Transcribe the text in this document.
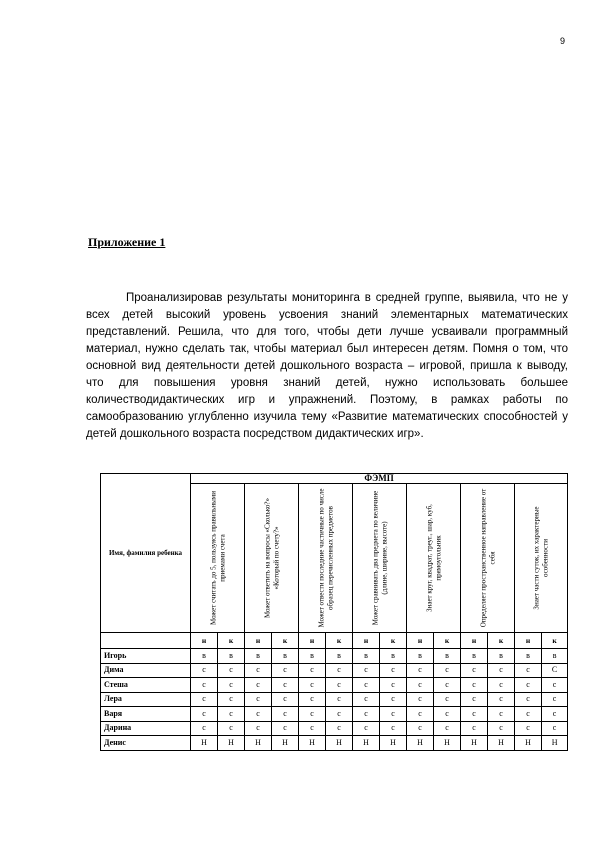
9
Приложение 1

Проанализировав результаты мониторинга в средней группе, выявила, что не у всех детей высокий уровень усвоения знаний элементарных математических представлений. Решила, что для того, чтобы дети лучше усваивали программный материал, нужно сделать так, чтобы материал был интересен детям. Помня о том, что основной вид деятельности детей дошкольного возраста – игровой, пришла к выводу, что для повышения уровня знаний детей, нужно использовать большее количестводидактических игр и упражнений. Поэтому, в рамках работы по самообразованию углубленно изучила тему «Развитие математических способностей у детей дошкольного возраста посредством дидактических игр».

Имя, фамилия ребенка	ФЭМП													

	Может считать до 5, пользуясь правильными приемами счета		Может ответить на вопросы «Сколько?» «Который по счету?»		Может отвести последние частичные по числе образец перечисленных предметов		Может сравнивать два предмета по величине (длине, ширине, высоте)		Знает круг, квадрат, треуг., шар, куб, прямоугольник		Определяет пространственное направление от себя		Знает части суток, их характерные особенности	

	н	к	н	к	н	к	н	к	н	к	н	к	н	к
Игорь	в	в	в	в	в	в	в	в	в	в	в	в	в	в
Дима	с	с	с	с	с	с	с	с	с	с	с	с	с	С
Стеша	с	с	с	с	с	с	с	с	с	с	с	с	с	с
Лера	с	с	с	с	с	с	с	с	с	с	с	с	с	с
Варя	с	с	с	с	с	с	с	с	с	с	с	с	с	с
Дарина	с	с	с	с	с	с	с	с	с	с	с	с	с	с
Денис	Н	Н	Н	Н	Н	Н	Н	Н	Н	Н	Н	Н	Н	Н
